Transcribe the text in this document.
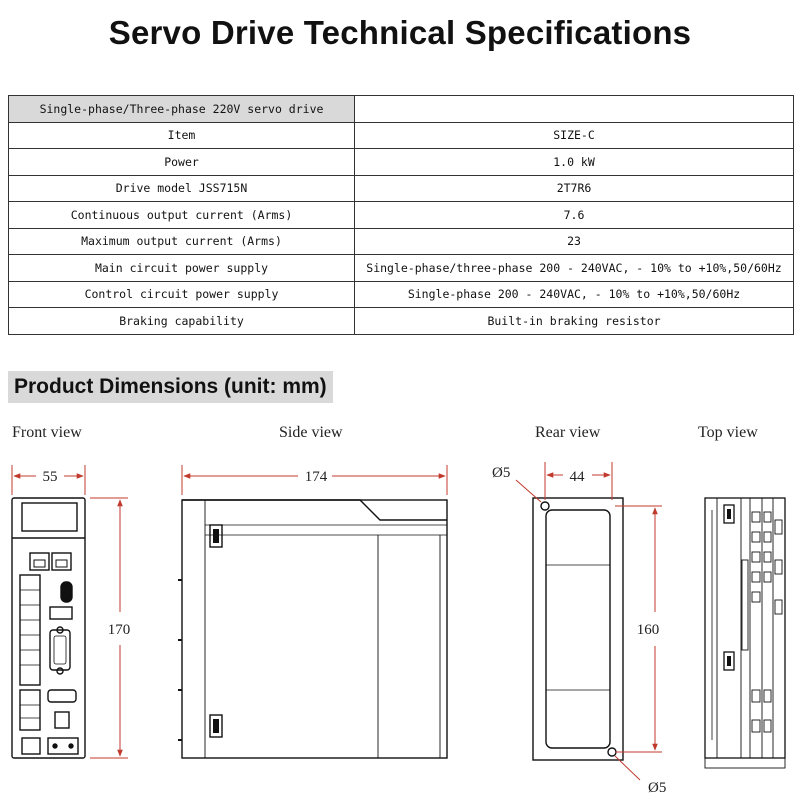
Servo Drive Technical Specifications
Single-phase/Three-phase 220V servo drive	
Item	SIZE-C
Power	1.0 kW
Drive model JSS715N	2T7R6
Continuous output current (Arms)	7.6
Maximum output current (Arms)	23
Main circuit power supply	Single-phase/three-phase 200 - 240VAC, - 10% to +10%,50/60Hz
Control circuit power supply	Single-phase 200 - 240VAC, - 10% to +10%,50/60Hz
Braking capability	Built-in braking resistor
Product Dimensions (unit: mm)
Front view	Side view	Rear view	Top view
55
170
174	44
160
Ø5
Ø5
